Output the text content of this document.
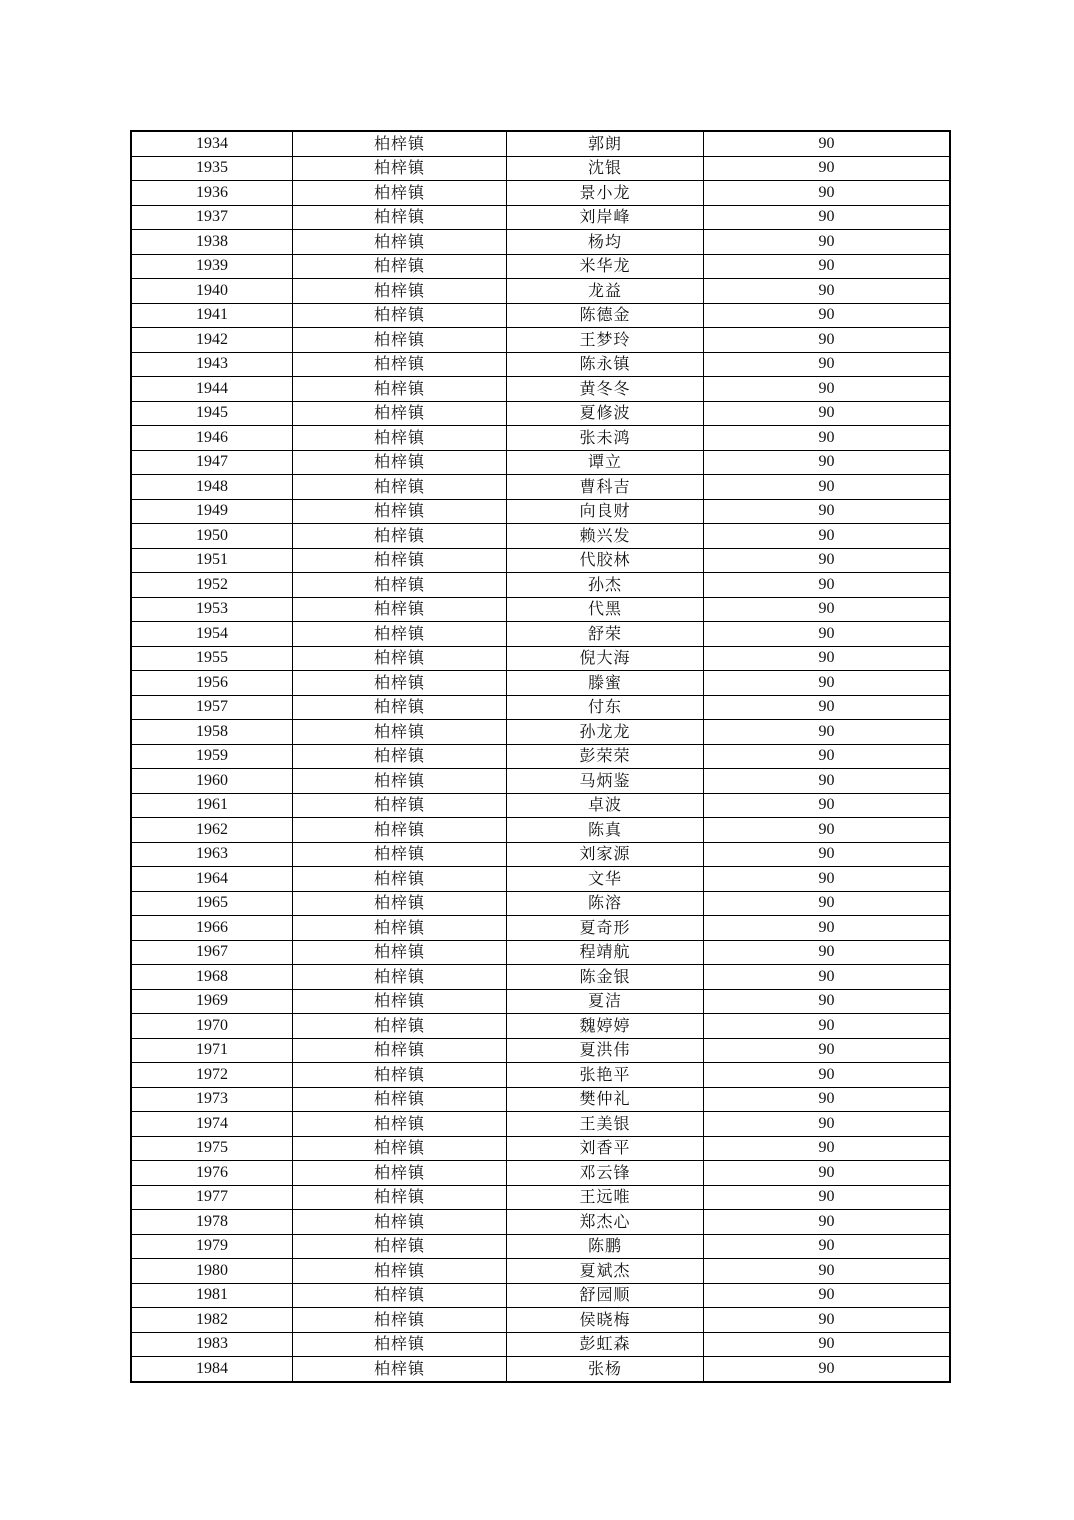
1934	柏梓镇	郭朗	90
1935	柏梓镇	沈银	90
1936	柏梓镇	景小龙	90
1937	柏梓镇	刘岸峰	90
1938	柏梓镇	杨均	90
1939	柏梓镇	米华龙	90
1940	柏梓镇	龙益	90
1941	柏梓镇	陈德金	90
1942	柏梓镇	王梦玲	90
1943	柏梓镇	陈永镇	90
1944	柏梓镇	黄冬冬	90
1945	柏梓镇	夏修波	90
1946	柏梓镇	张未鸿	90
1947	柏梓镇	谭立	90
1948	柏梓镇	曹科吉	90
1949	柏梓镇	向良财	90
1950	柏梓镇	赖兴发	90
1951	柏梓镇	代胶林	90
1952	柏梓镇	孙杰	90
1953	柏梓镇	代黑	90
1954	柏梓镇	舒荣	90
1955	柏梓镇	倪大海	90
1956	柏梓镇	滕蜜	90
1957	柏梓镇	付东	90
1958	柏梓镇	孙龙龙	90
1959	柏梓镇	彭荣荣	90
1960	柏梓镇	马炳鉴	90
1961	柏梓镇	卓波	90
1962	柏梓镇	陈真	90
1963	柏梓镇	刘家源	90
1964	柏梓镇	文华	90
1965	柏梓镇	陈溶	90
1966	柏梓镇	夏奇形	90
1967	柏梓镇	程靖航	90
1968	柏梓镇	陈金银	90
1969	柏梓镇	夏洁	90
1970	柏梓镇	魏婷婷	90
1971	柏梓镇	夏洪伟	90
1972	柏梓镇	张艳平	90
1973	柏梓镇	樊仲礼	90
1974	柏梓镇	王美银	90
1975	柏梓镇	刘香平	90
1976	柏梓镇	邓云锋	90
1977	柏梓镇	王远唯	90
1978	柏梓镇	郑杰心	90
1979	柏梓镇	陈鹏	90
1980	柏梓镇	夏斌杰	90
1981	柏梓镇	舒园顺	90
1982	柏梓镇	侯晓梅	90
1983	柏梓镇	彭虹森	90
1984	柏梓镇	张杨	90
